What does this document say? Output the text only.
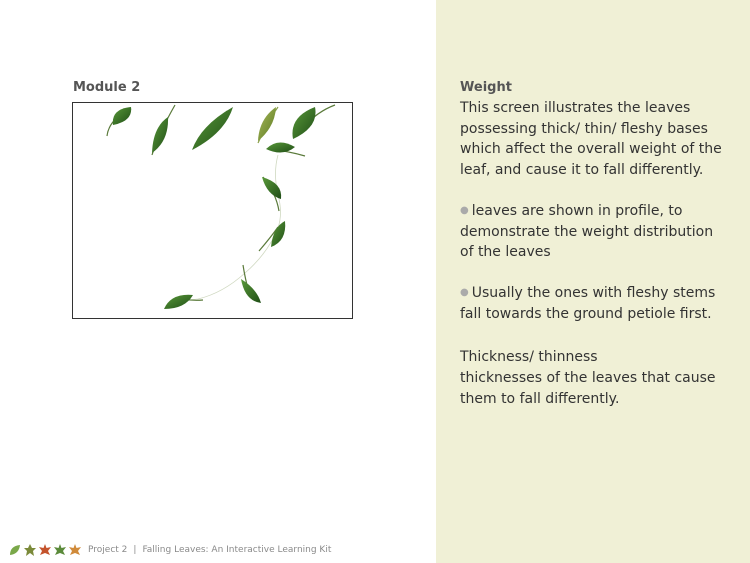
Module 2	Weight
This screen illustrates the leaves possessing thick/ thin/ fleshy bases which affect the overall weight of the leaf, and cause it to fall differently.
● leaves are shown in profile, to demonstrate the weight distribution of the leaves
● Usually the ones with fleshy stems fall towards the ground petiole first.
Thickness/ thinness
thicknesses of the leaves that cause them to fall differently.
Project 2 | Falling Leaves: An Interactive Learning Kit
